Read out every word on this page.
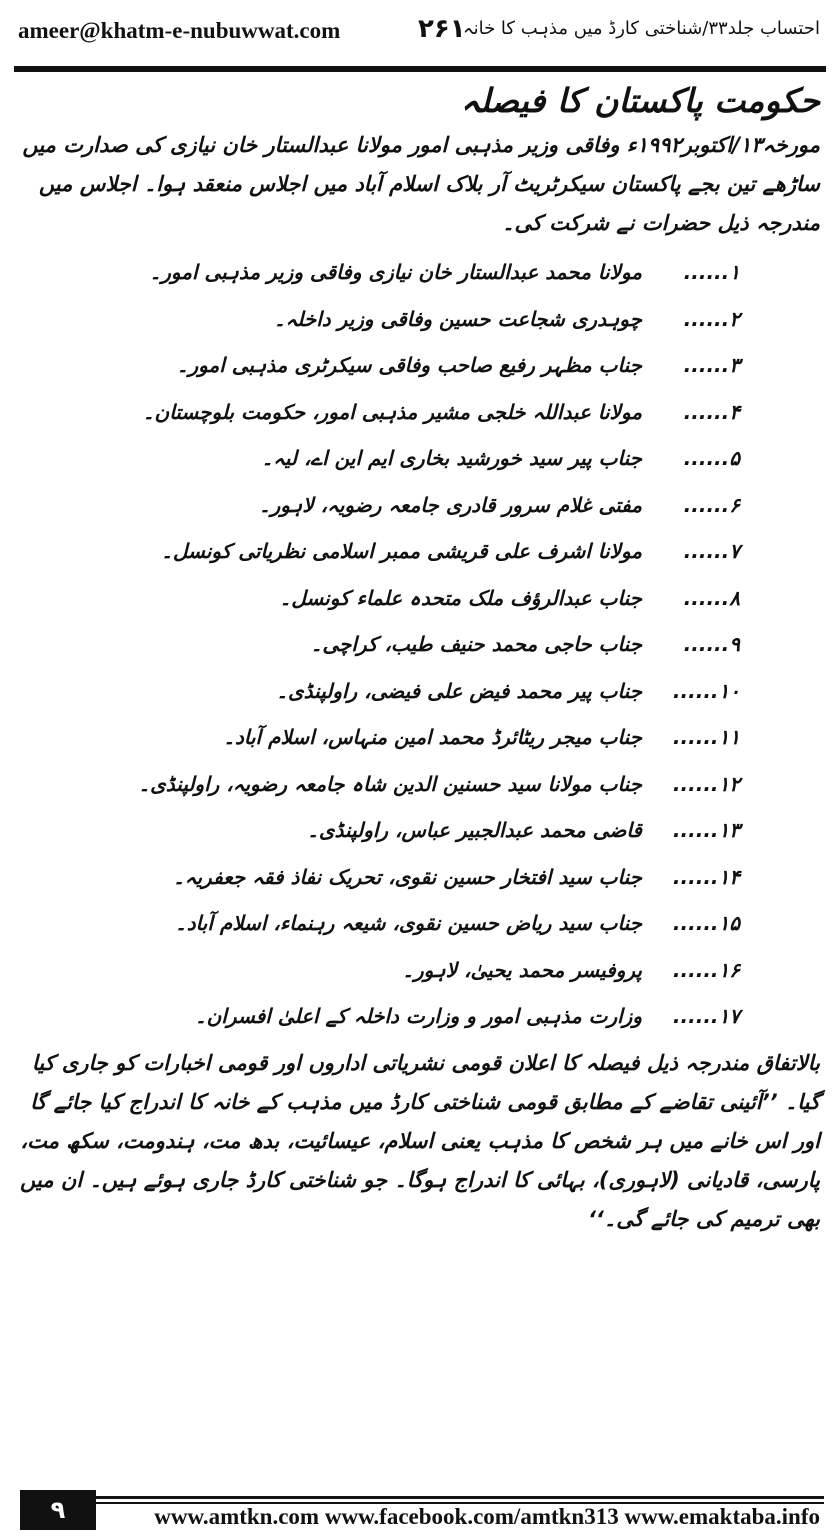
ameer@khatm-e-nubuwwat.com	۲۶۱
احتساب جلد۳۳/شناختی کارڈ میں مذہب کا خانہ
حکومت پاکستان کا فیصلہ

مورخہ۱۳/اکتوبر۱۹۹۲ء وفاقی وزیر مذہبی امور مولانا عبدالستار خان نیازی کی صدارت میں ساڑھے تین بجے پاکستان سیکرٹریٹ آر بلاک اسلام آباد میں اجلاس منعقد ہوا۔ اجلاس میں مندرجہ ذیل حضرات نے شرکت کی۔

۱......
مولانا محمد عبدالستار خان نیازی وفاقی وزیر مذہبی امور۔
۲......
چوہدری شجاعت حسین وفاقی وزیر داخلہ۔
۳......
جناب مظہر رفیع صاحب وفاقی سیکرٹری مذہبی امور۔
۴......
مولانا عبداللہ خلجی مشیر مذہبی امور، حکومت بلوچستان۔
۵......
جناب پیر سید خورشید بخاری ایم این اے، لیہ۔
۶......
مفتی غلام سرور قادری جامعہ رضویہ، لاہور۔
۷......
مولانا اشرف علی قریشی ممبر اسلامی نظریاتی کونسل۔
۸......
جناب عبدالرؤف ملک متحدہ علماء کونسل۔
۹......
جناب حاجی محمد حنیف طیب، کراچی۔
۱۰......
جناب پیر محمد فیض علی فیضی، راولپنڈی۔
۱۱......
جناب میجر ریٹائرڈ محمد امین منہاس، اسلام آباد۔
۱۲......
جناب مولانا سید حسنین الدین شاہ جامعہ رضویہ، راولپنڈی۔
۱۳......
قاضی محمد عبدالجبیر عباس، راولپنڈی۔
۱۴......
جناب سید افتخار حسین نقوی، تحریک نفاذ فقہ جعفریہ۔
۱۵......
جناب سید ریاض حسین نقوی، شیعہ رہنماء، اسلام آباد۔
۱۶......
پروفیسر محمد یحییٰ، لاہور۔
۱۷......
وزارت مذہبی امور و وزارت داخلہ کے اعلیٰ افسران۔

بالاتفاق مندرجہ ذیل فیصلہ کا اعلان قومی نشریاتی اداروں اور قومی اخبارات کو جاری کیا گیا۔ ’’آئینی تقاضے کے مطابق قومی شناختی کارڈ میں مذہب کے خانہ کا اندراج کیا جائے گا اور اس خانے میں ہر شخص کا مذہب یعنی اسلام، عیسائیت، بدھ مت، ہندومت، سکھ مت، پارسی، قادیانی (لاہوری)، بہائی کا اندراج ہوگا۔ جو شناختی کارڈ جاری ہوئے ہیں۔ ان میں بھی ترمیم کی جائے گی۔‘‘

۹	www.amtkn.com www.facebook.com/amtkn313 www.emaktaba.info
